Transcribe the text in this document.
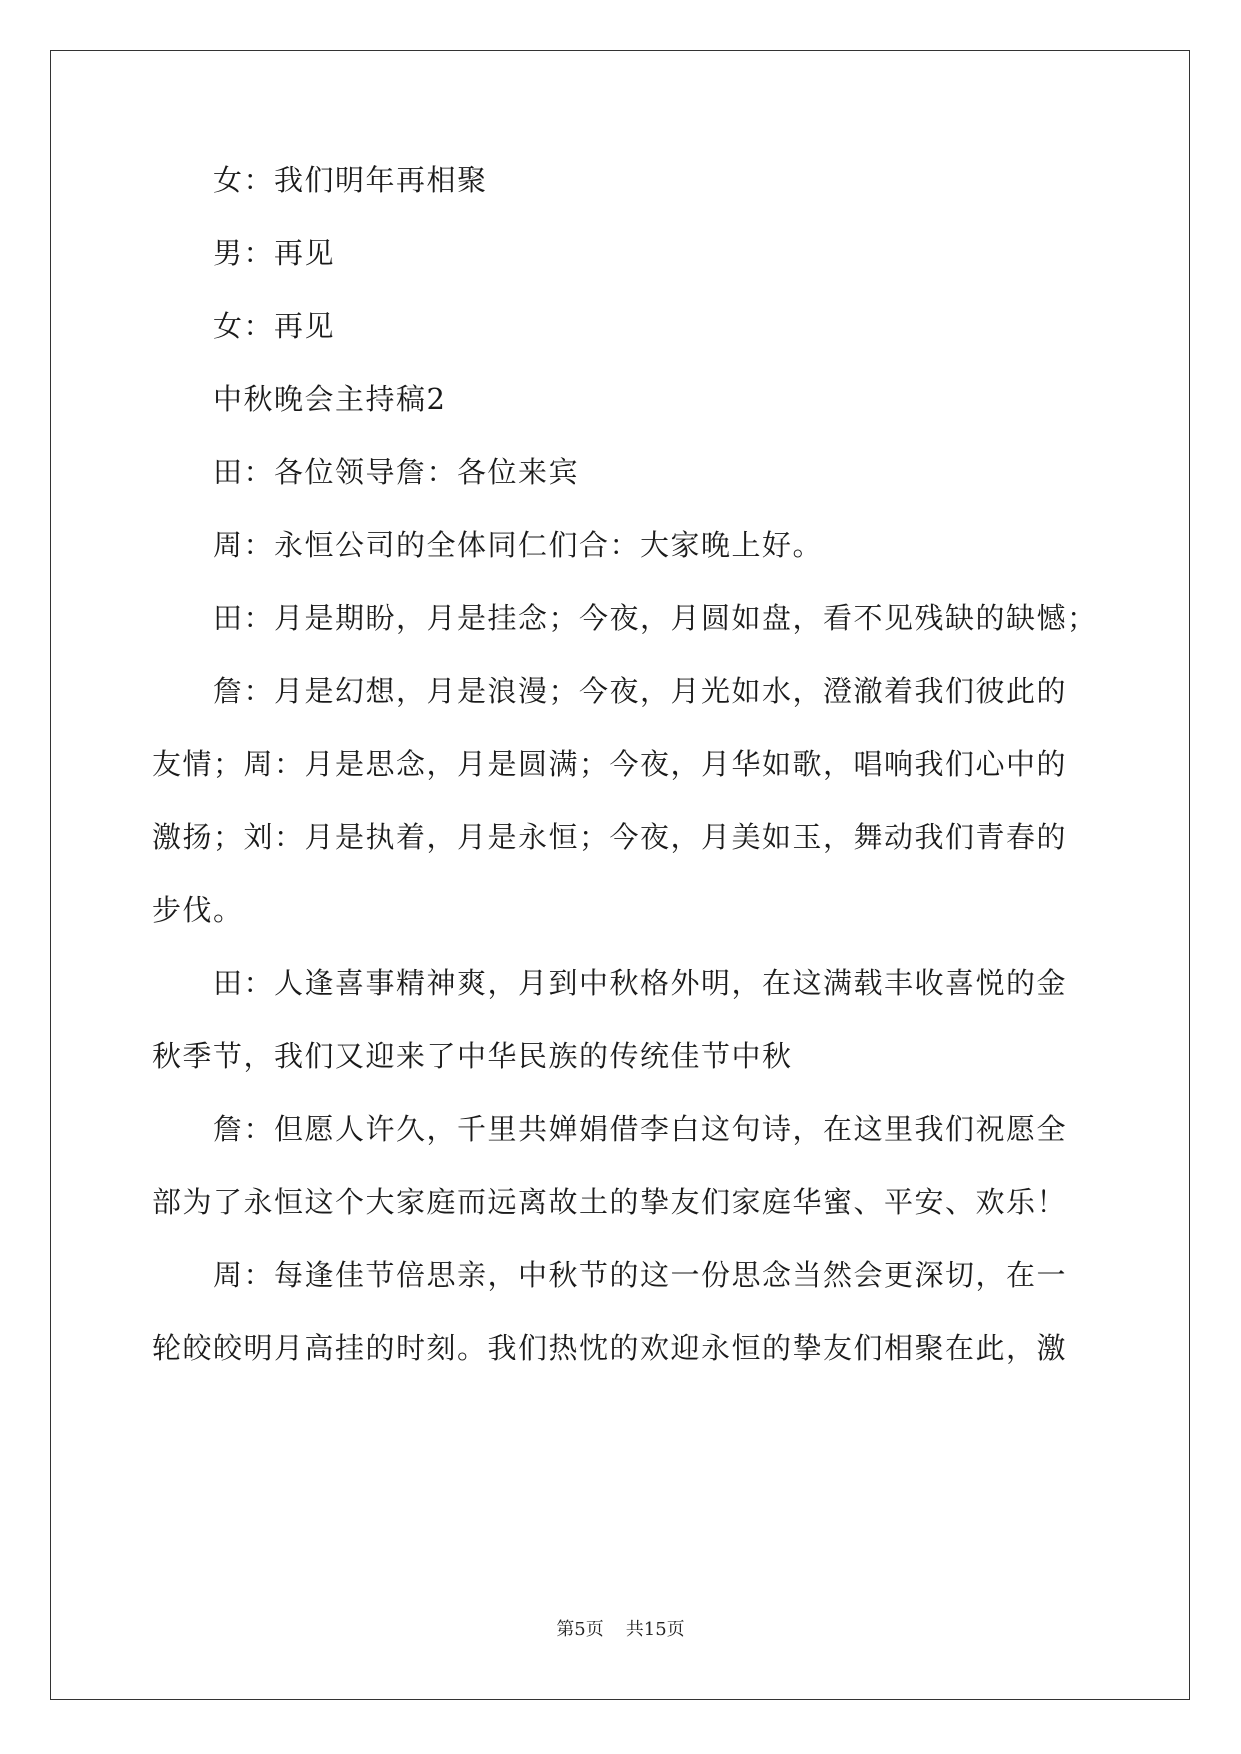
　　女：我们明年再相聚
　　男：再见
　　女：再见
　　中秋晚会主持稿2
　　田：各位领导詹：各位来宾
　　周：永恒公司的全体同仁们合：大家晚上好。
　　田：月是期盼，月是挂念；今夜，月圆如盘，看不见残缺的缺憾；
　　詹：月是幻想，月是浪漫；今夜，月光如水，澄澈着我们彼此的
友情；周：月是思念，月是圆满；今夜，月华如歌，唱响我们心中的
激扬；刘：月是执着，月是永恒；今夜，月美如玉，舞动我们青春的
步伐。
　　田：人逢喜事精神爽，月到中秋格外明，在这满载丰收喜悦的金
秋季节，我们又迎来了中华民族的传统佳节中秋
　　詹：但愿人许久，千里共婵娟借李白这句诗，在这里我们祝愿全
部为了永恒这个大家庭而远离故土的挚友们家庭华蜜、平安、欢乐！
　　周：每逢佳节倍思亲，中秋节的这一份思念当然会更深切，在一
轮皎皎明月高挂的时刻。我们热忱的欢迎永恒的挚友们相聚在此，激
第5页 共15页
